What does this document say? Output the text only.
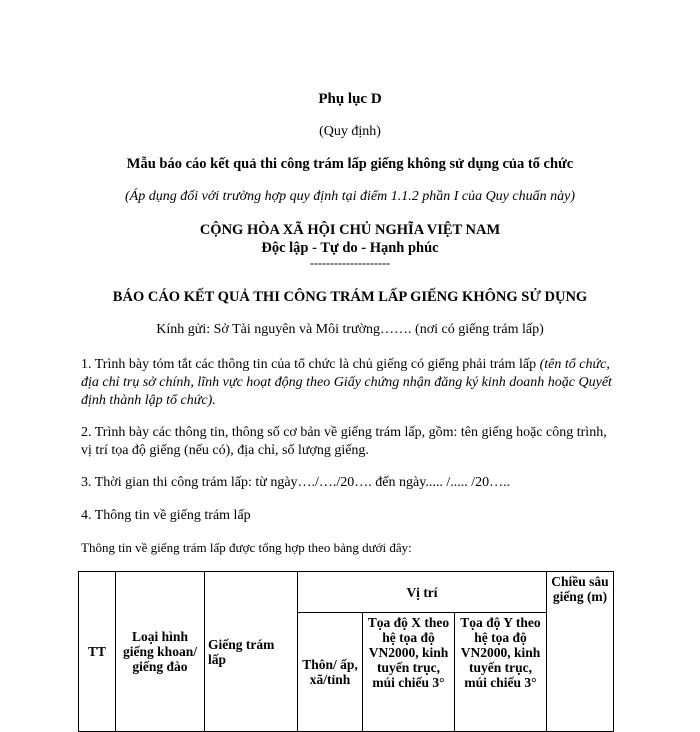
Phụ lục D
(Quy định)
Mẫu báo cáo kết quả thi công trám lấp giếng không sử dụng của tổ chức
(Áp dụng đối với trường hợp quy định tại điểm 1.1.2 phần I của Quy chuẩn này)
CỘNG HÒA XÃ HỘI CHỦ NGHĨA VIỆT NAM
Độc lập - Tự do - Hạnh phúc
--------------------
BÁO CÁO KẾT QUẢ THI CÔNG TRÁM LẤP GIẾNG KHÔNG SỬ DỤNG
Kính gửi: Sở Tài nguyên và Môi trường……. (nơi có giếng trám lấp)
1. Trình bày tóm tắt các thông tin của tổ chức là chủ giếng có giếng phải trám lấp (tên tổ chức, địa chỉ trụ sở chính, lĩnh vực hoạt động theo Giấy chứng nhận đăng ký kinh doanh hoặc Quyết định thành lập tổ chức).
2. Trình bày các thông tin, thông số cơ bản về giếng trám lấp, gồm: tên giếng hoặc công trình, vị trí tọa độ giếng (nếu có), địa chỉ, số lượng giếng.
3. Thời gian thi công trám lấp: từ ngày…./…./20…. đến ngày..... /..... /20…..
4. Thông tin về giếng trám lấp
Thông tin về giếng trám lấp được tổng hợp theo bảng dưới đây:
TT	Loại hình giếng khoan/ giếng đào	Giếng trám lấp	Vị trí			Chiều sâu giếng (m)
			Thôn/ ấp, xã/tỉnh	Tọa độ X theo hệ tọa độ VN2000, kinh tuyến trục, múi chiếu 3°	Tọa độ Y theo hệ tọa độ VN2000, kinh tuyến trục, múi chiếu 3°	
